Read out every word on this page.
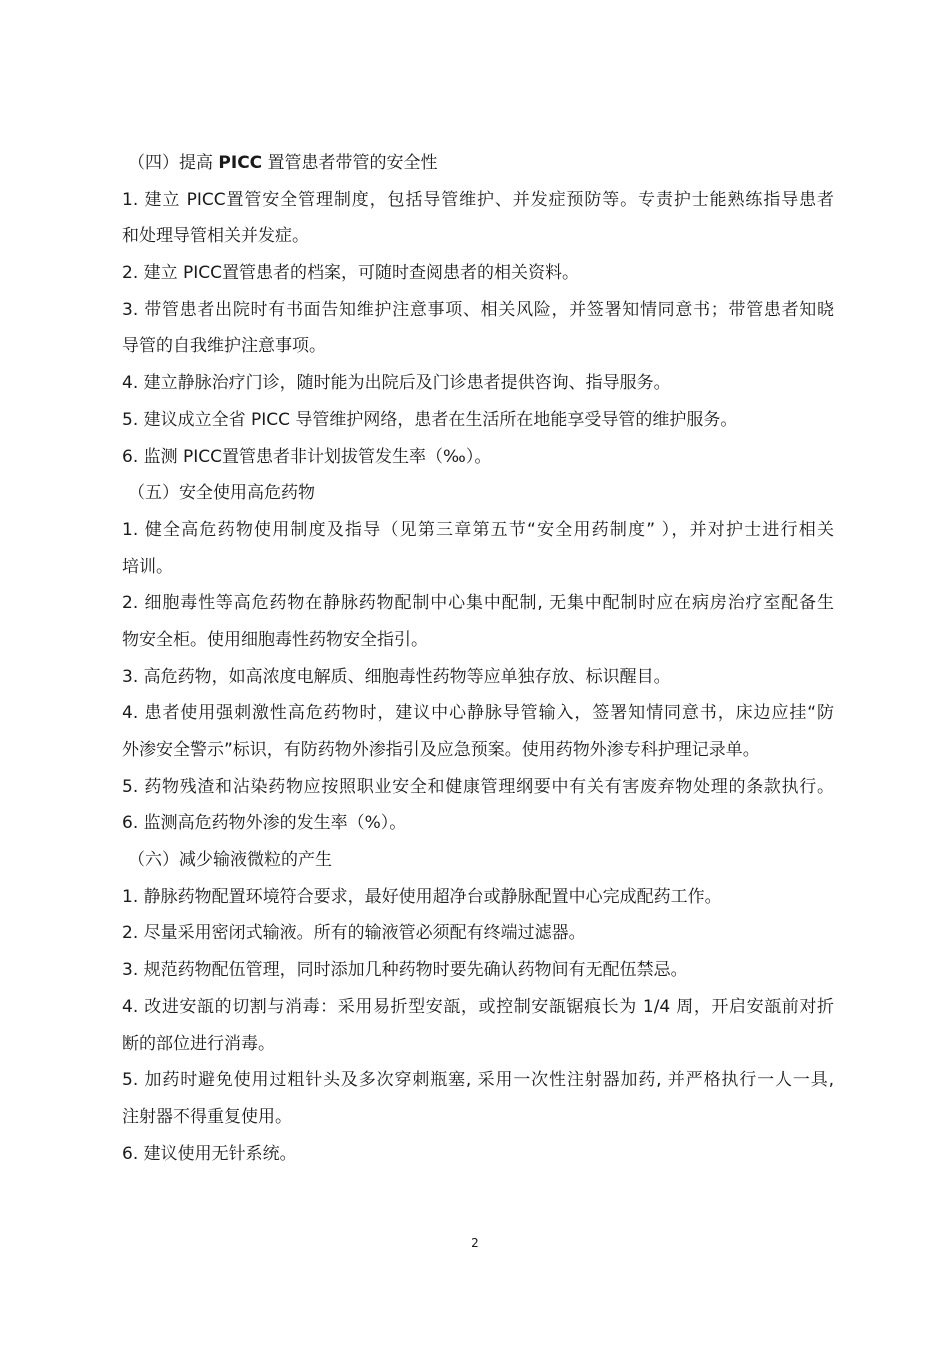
（四）提高 PICC 置管患者带管的安全性

1. 建立 PICC置管安全管理制度，包括导管维护、并发症预防等。专责护士能熟练指导患者

和处理导管相关并发症。

2. 建立 PICC置管患者的档案，可随时查阅患者的相关资料。

3. 带管患者出院时有书面告知维护注意事项、相关风险，并签署知情同意书；带管患者知晓

导管的自我维护注意事项。

4. 建立静脉治疗门诊，随时能为出院后及门诊患者提供咨询、指导服务。

5. 建议成立全省 PICC 导管维护网络，患者在生活所在地能享受导管的维护服务。

6. 监测 PICC置管患者非计划拔管发生率（‰）。

（五）安全使用高危药物

1. 健全高危药物使用制度及指导（见第三章第五节“安全用药制度” ），并对护士进行相关

培训。

2. 细胞毒性等高危药物在静脉药物配制中心集中配制, 无集中配制时应在病房治疗室配备生

物安全柜。使用细胞毒性药物安全指引。

3. 高危药物，如高浓度电解质、细胞毒性药物等应单独存放、标识醒目。

4. 患者使用强刺激性高危药物时，建议中心静脉导管输入，签署知情同意书，床边应挂“防

外渗安全警示”标识，有防药物外渗指引及应急预案。使用药物外渗专科护理记录单。

5. 药物残渣和沾染药物应按照职业安全和健康管理纲要中有关有害废弃物处理的条款执行。

6. 监测高危药物外渗的发生率（%）。

（六）减少输液微粒的产生

1. 静脉药物配置环境符合要求，最好使用超净台或静脉配置中心完成配药工作。

2. 尽量采用密闭式输液。所有的输液管必须配有终端过滤器。

3. 规范药物配伍管理，同时添加几种药物时要先确认药物间有无配伍禁忌。

4. 改进安瓿的切割与消毒：采用易折型安瓿，或控制安瓿锯痕长为 1/4 周，开启安瓿前对折

断的部位进行消毒。

5. 加药时避免使用过粗针头及多次穿刺瓶塞, 采用一次性注射器加药, 并严格执行一人一具,

注射器不得重复使用。

6. 建议使用无针系统。

2
